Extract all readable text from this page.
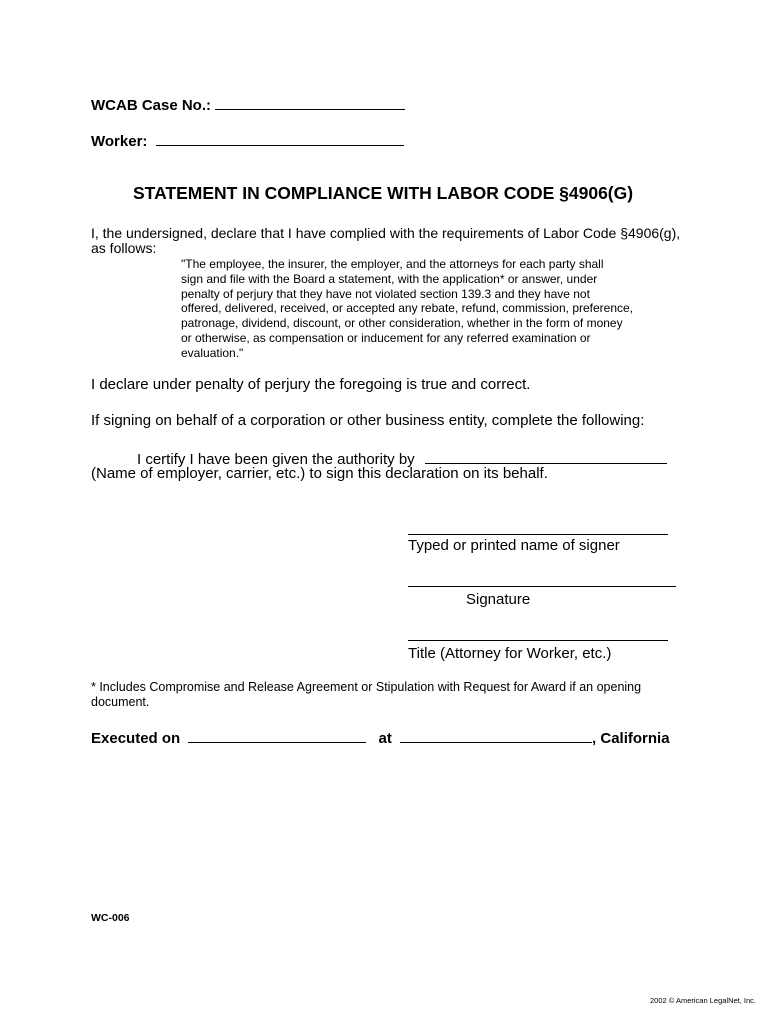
WCAB Case No.:
Worker:
STATEMENT IN COMPLIANCE WITH LABOR CODE §4906(G)
I, the undersigned, declare that I have complied with the requirements of Labor Code §4906(g),
as follows:
"The employee, the insurer, the employer, and the attorneys for each party shall
sign and file with the Board a statement, with the application* or answer, under
penalty of perjury that they have not violated section 139.3 and they have not
offered, delivered, received, or accepted any rebate, refund, commission, preference,
patronage, dividend, discount, or other consideration, whether in the form of money
or otherwise, as compensation or inducement for any referred examination or
evaluation."
I declare under penalty of perjury the foregoing is true and correct.
If signing on behalf of a corporation or other business entity, complete the following:
I certify I have been given the authority by
(Name of employer, carrier, etc.) to sign this declaration on its behalf.
Typed or printed name of signer
Signature
Title (Attorney for Worker, etc.)
* Includes Compromise and Release Agreement or Stipulation with Request for Award if an opening
document.
Executed on	at	, California
WC-006
2002 © American LegalNet, Inc.
